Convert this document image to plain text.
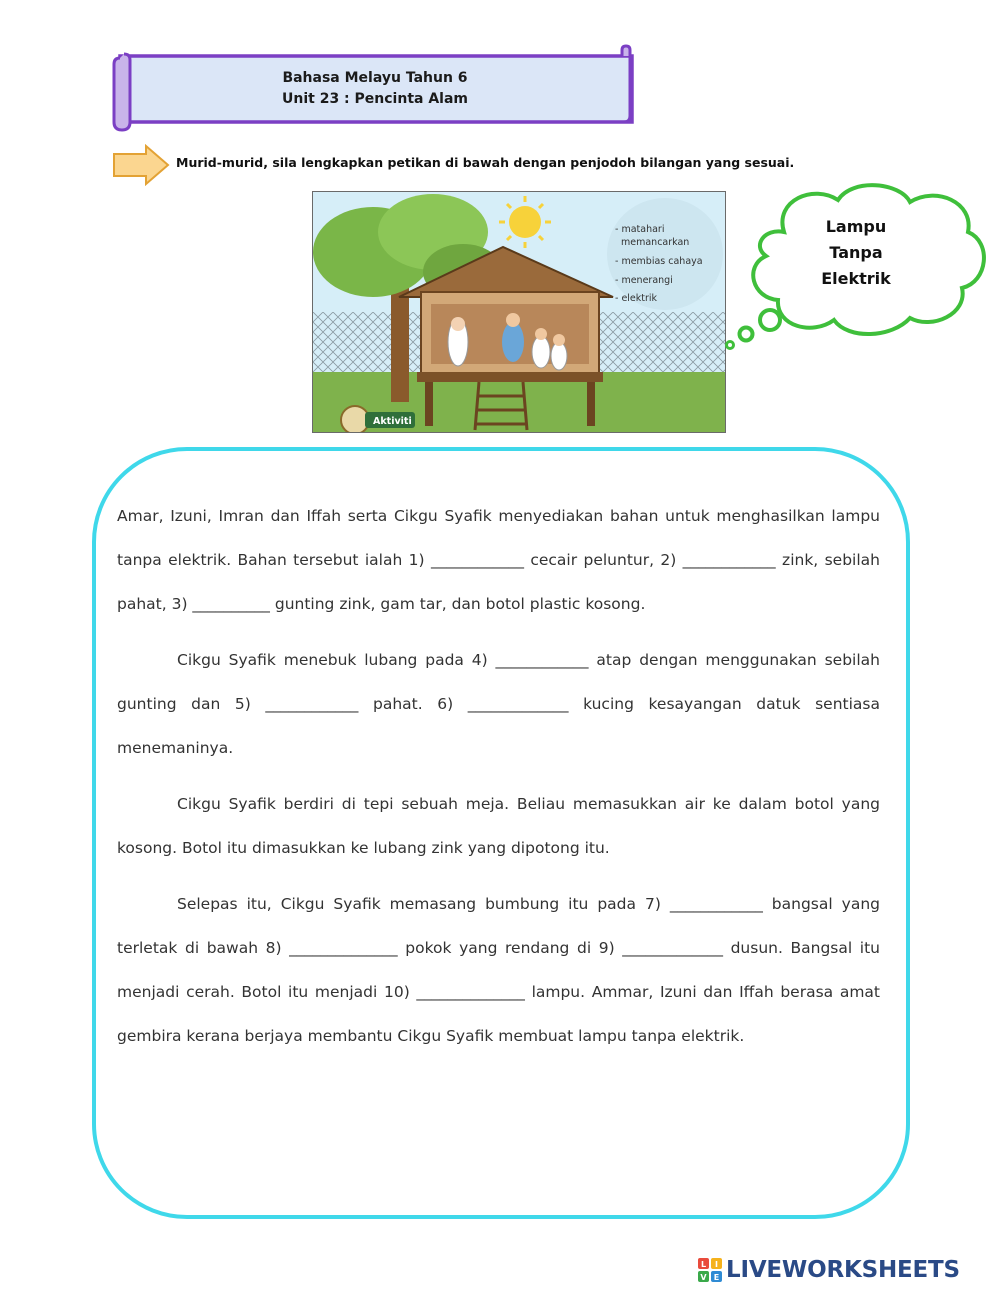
Bahasa Melayu Tahun 6
Unit 23 : Pencinta Alam
Murid-murid, sila lengkapkan petikan di bawah dengan penjodoh bilangan yang sesuai.
- matahari
memancarkan
- membias cahaya
- menerangi
- elektrik
Aktiviti
Lampu
Tanpa
Elektrik

Amar, Izuni, Imran dan Iffah serta Cikgu Syafik menyediakan bahan untuk menghasilkan lampu tanpa elektrik. Bahan tersebut ialah 1) ____________ cecair peluntur, 2) ____________ zink, sebilah pahat, 3) __________ gunting zink, gam tar, dan botol plastic kosong.

Cikgu Syafik menebuk lubang pada 4) ____________ atap dengan menggunakan sebilah gunting dan 5) ____________ pahat. 6) _____________ kucing kesayangan datuk sentiasa menemaninya.

Cikgu Syafik berdiri di tepi sebuah meja. Beliau memasukkan air ke dalam botol yang kosong. Botol itu dimasukkan ke lubang zink yang dipotong itu.

Selepas itu, Cikgu Syafik memasang bumbung itu pada 7) ____________ bangsal yang terletak di bawah 8) ______________ pokok yang rendang di 9) _____________ dusun. Bangsal itu menjadi cerah. Botol itu menjadi 10) ______________ lampu. Ammar, Izuni dan Iffah berasa amat gembira kerana berjaya membantu Cikgu Syafik membuat lampu tanpa elektrik.

L I
V E LIVEWORKSHEETS
